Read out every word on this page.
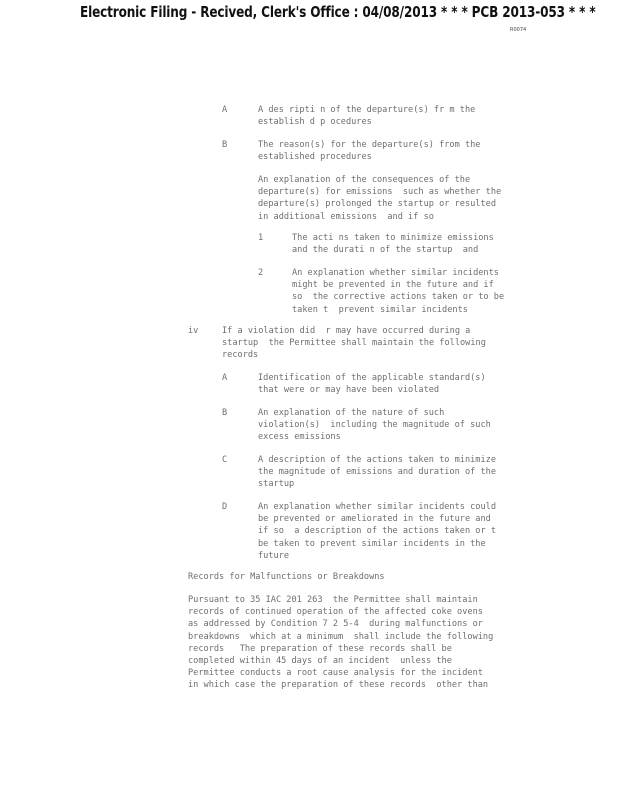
Electronic Filing - Recived, Clerk's Office : 04/08/2013 * * * PCB 2013-053 * * *
R0074
A	A des ripti n of the departure(s) fr m the
establish d p ocedures
B	The reason(s) for the departure(s) from the
established procedures
An explanation of the consequences of the
departure(s) for emissions  such as whether the
departure(s) prolonged the startup or resulted
in additional emissions  and if so
1	The acti ns taken to minimize emissions
and the durati n of the startup  and
2	An explanation whether similar incidents
might be prevented in the future and if
so  the corrective actions taken or to be
taken t  prevent similar incidents
iv	If a violation did  r may have occurred during a
startup  the Permittee shall maintain the following
records
A	Identification of the applicable standard(s)
that were or may have been violated
B	An explanation of the nature of such
violation(s)  including the magnitude of such
excess emissions
C	A description of the actions taken to minimize
the magnitude of emissions and duration of the
startup
D	An explanation whether similar incidents could
be prevented or ameliorated in the future and
if so  a description of the actions taken or t
be taken to prevent similar incidents in the
future
Records for Malfunctions or Breakdowns
Pursuant to 35 IAC 201 263  the Permittee shall maintain
records of continued operation of the affected coke ovens
as addressed by Condition 7 2 5-4  during malfunctions or
breakdowns  which at a minimum  shall include the following
records   The preparation of these records shall be
completed within 45 days of an incident  unless the
Permittee conducts a root cause analysis for the incident
in which case the preparation of these records  other than
